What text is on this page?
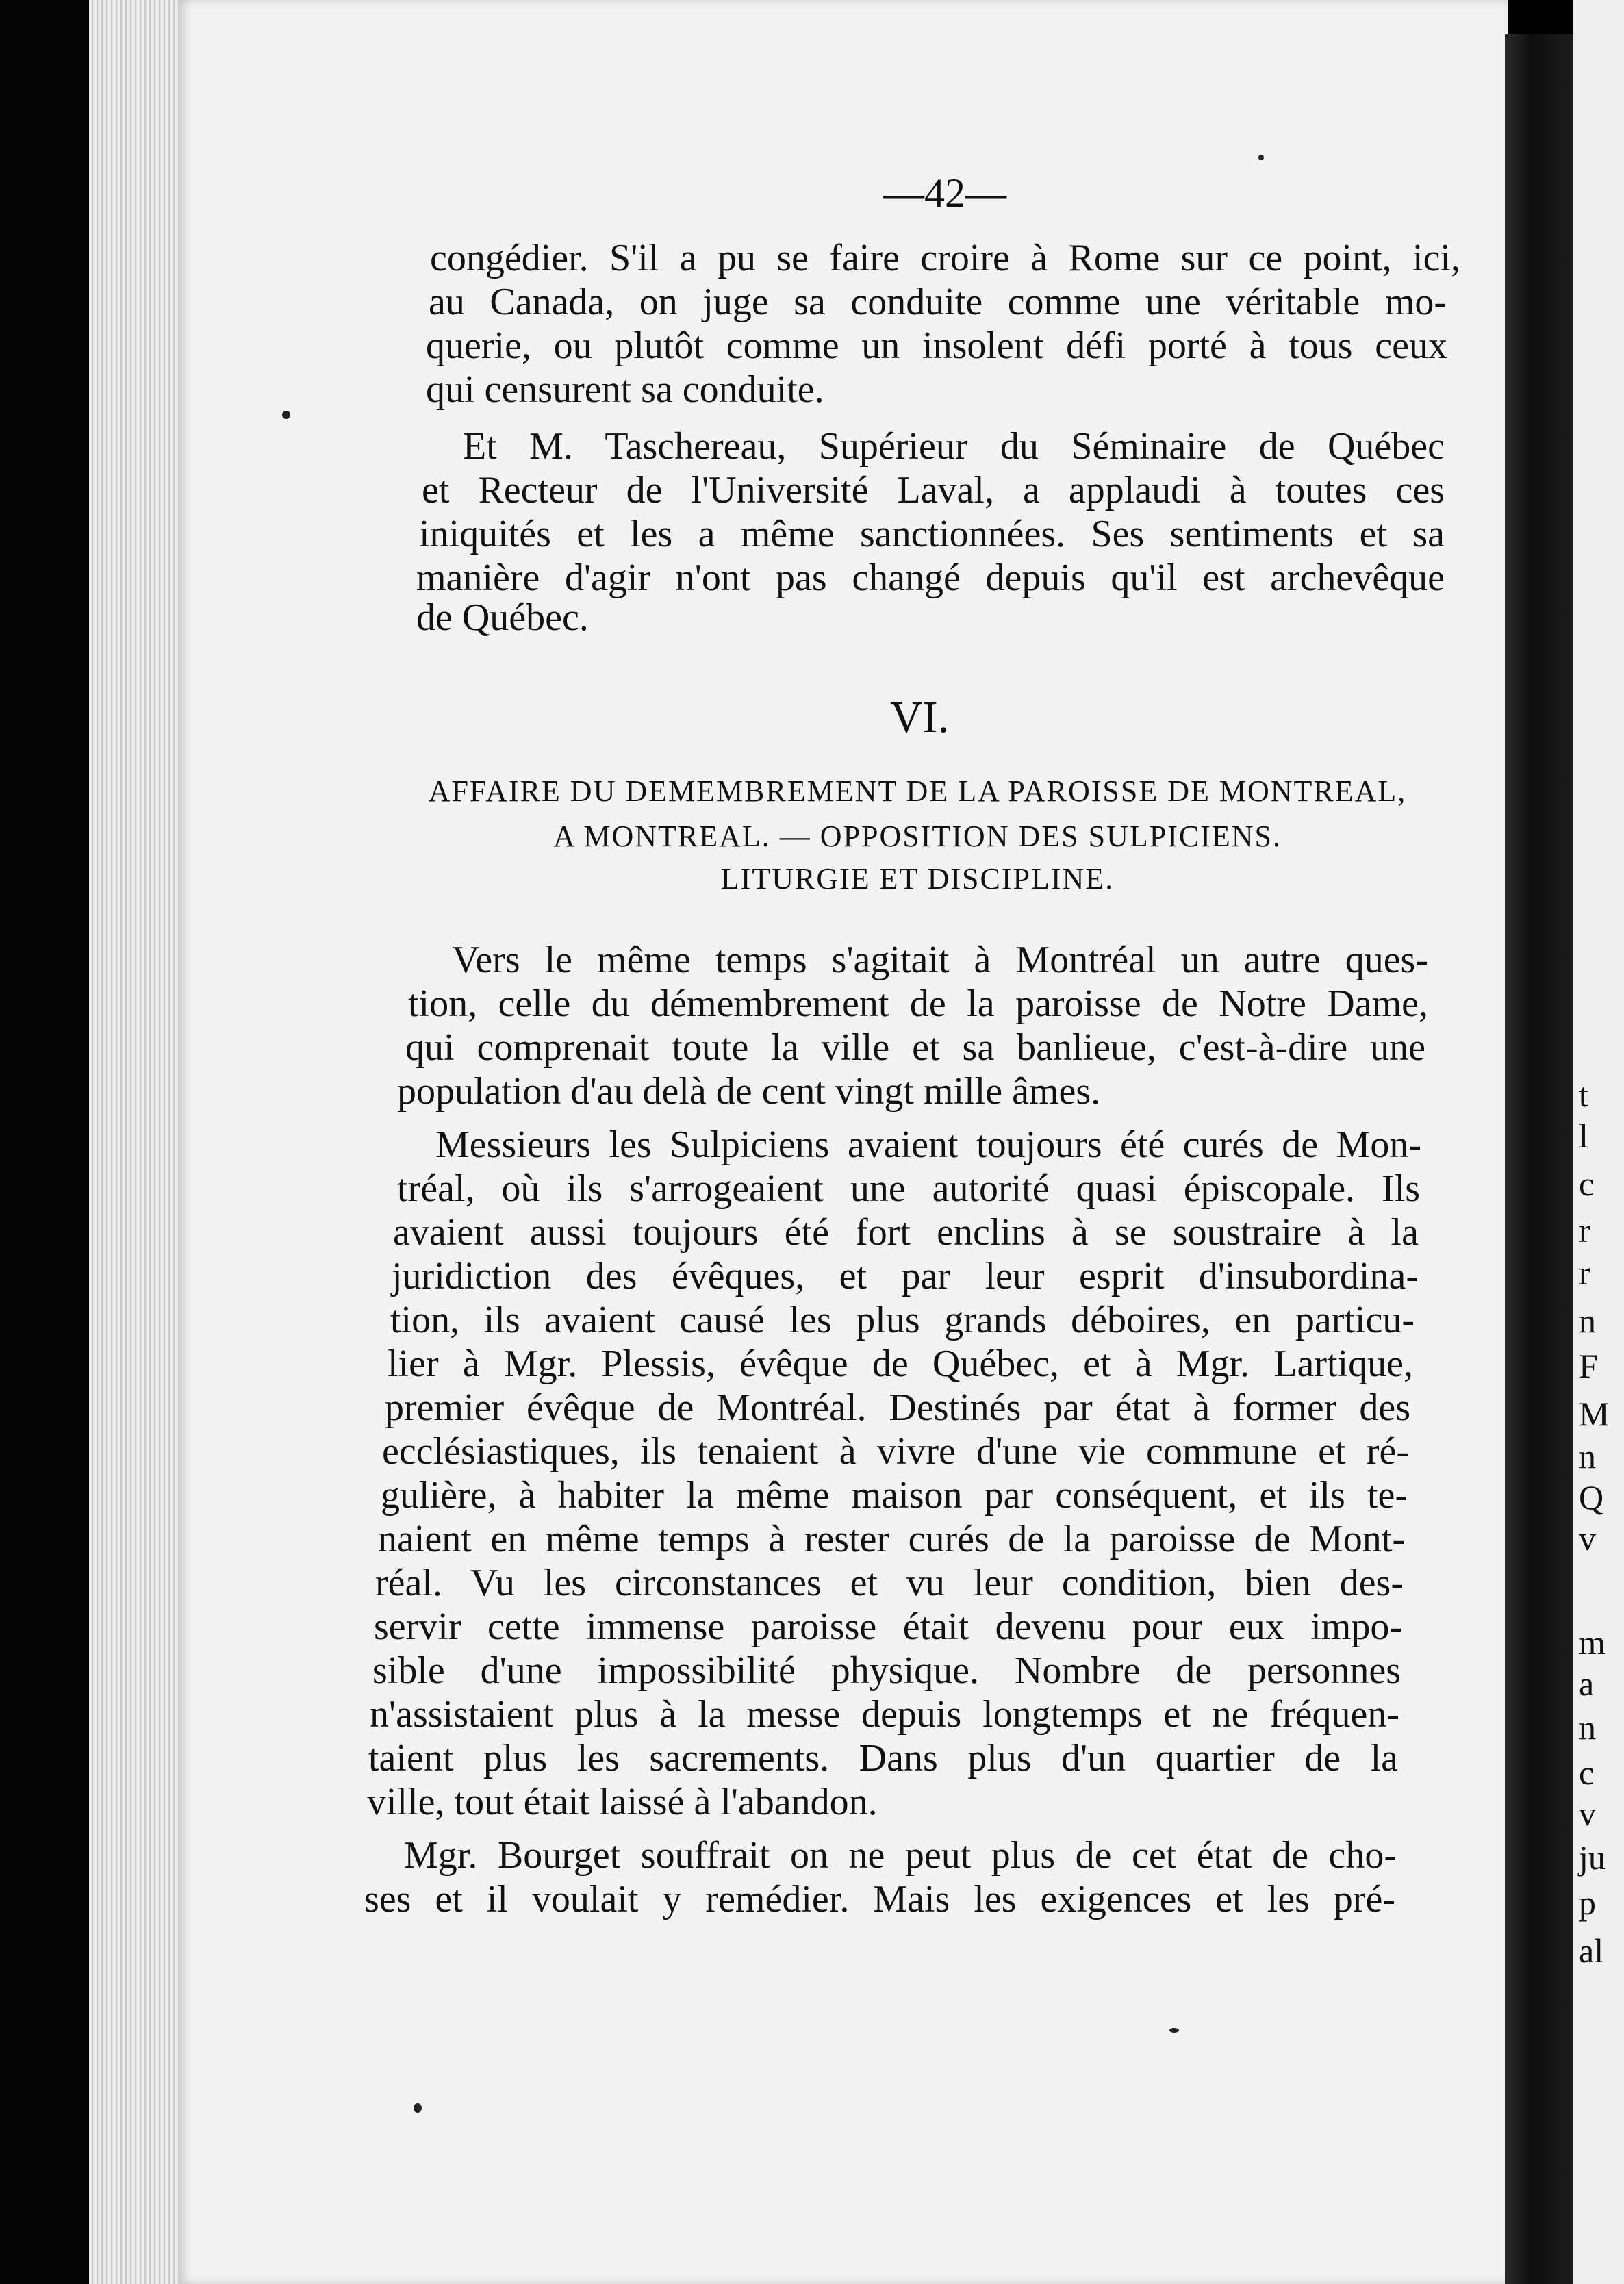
t
l
c
r
r
n
F
M
n
Q
v
m
a
n
c
v
ju
p
al
—42—
congédier. S'il a pu se faire croire à Rome sur ce point, ici,
au Canada, on juge sa conduite comme une véritable mo-
querie, ou plutôt comme un insolent défi porté à tous ceux
qui censurent sa conduite.
Et M. Taschereau, Supérieur du Séminaire de Québec
et Recteur de l'Université Laval, a applaudi à toutes ces
iniquités et les a même sanctionnées. Ses sentiments et sa
manière d'agir n'ont pas changé depuis qu'il est archevêque
de Québec.
VI.
AFFAIRE DU DEMEMBREMENT DE LA PAROISSE DE MONTREAL,
A MONTREAL. — OPPOSITION DES SULPICIENS.
LITURGIE ET DISCIPLINE.
Vers le même temps s'agitait à Montréal un autre ques-
tion, celle du démembrement de la paroisse de Notre Dame,
qui comprenait toute la ville et sa banlieue, c'est-à-dire une
population d'au delà de cent vingt mille âmes.
Messieurs les Sulpiciens avaient toujours été curés de Mon-
tréal, où ils s'arrogeaient une autorité quasi épiscopale. Ils
avaient aussi toujours été fort enclins à se soustraire à la
juridiction des évêques, et par leur esprit d'insubordina-
tion, ils avaient causé les plus grands déboires, en particu-
lier à Mgr. Plessis, évêque de Québec, et à Mgr. Lartique,
premier évêque de Montréal. Destinés par état à former des
ecclésiastiques, ils tenaient à vivre d'une vie commune et ré-
gulière, à habiter la même maison par conséquent, et ils te-
naient en même temps à rester curés de la paroisse de Mont-
réal. Vu les circonstances et vu leur condition, bien des-
servir cette immense paroisse était devenu pour eux impo-
sible d'une impossibilité physique. Nombre de personnes
n'assistaient plus à la messe depuis longtemps et ne fréquen-
taient plus les sacrements. Dans plus d'un quartier de la
ville, tout était laissé à l'abandon.
Mgr. Bourget souffrait on ne peut plus de cet état de cho-
ses et il voulait y remédier. Mais les exigences et les pré-
